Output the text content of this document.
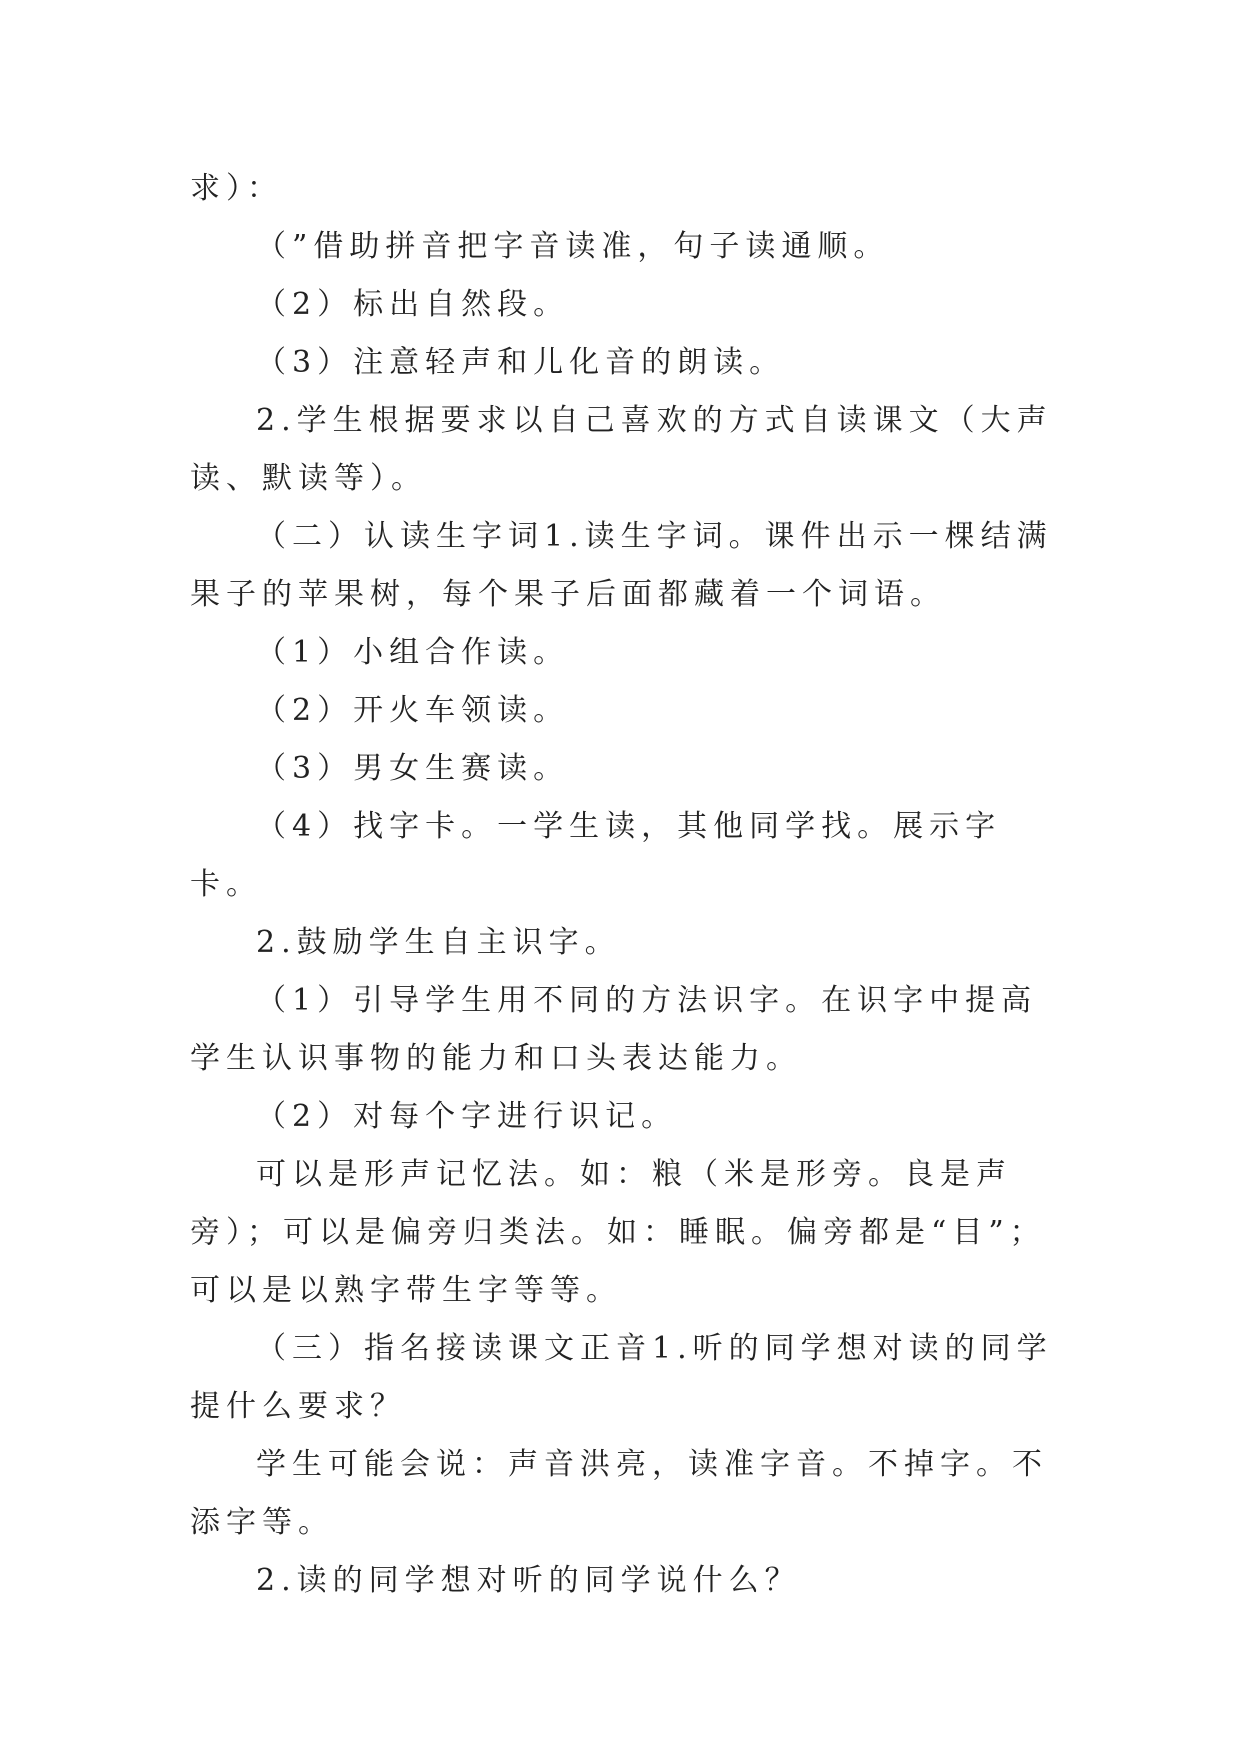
求）：

（”借助拼音把字音读准，句子读通顺。

（2）标出自然段。

（3）注意轻声和儿化音的朗读。

2.学生根据要求以自己喜欢的方式自读课文（大声读、默读等）。

（二）认读生字词1.读生字词。课件出示一棵结满果子的苹果树，每个果子后面都藏着一个词语。

（1）小组合作读。

（2）开火车领读。

（3）男女生赛读。

（4）找字卡。一学生读，其他同学找。展示字卡。

2.鼓励学生自主识字。

（1）引导学生用不同的方法识字。在识字中提高学生认识事物的能力和口头表达能力。

（2）对每个字进行识记。

可以是形声记忆法。如：粮（米是形旁。良是声旁）；可以是偏旁归类法。如：睡眠。偏旁都是“目”；可以是以熟字带生字等等。

（三）指名接读课文正音1.听的同学想对读的同学提什么要求？

学生可能会说：声音洪亮，读准字音。不掉字。不添字等。

2.读的同学想对听的同学说什么？
